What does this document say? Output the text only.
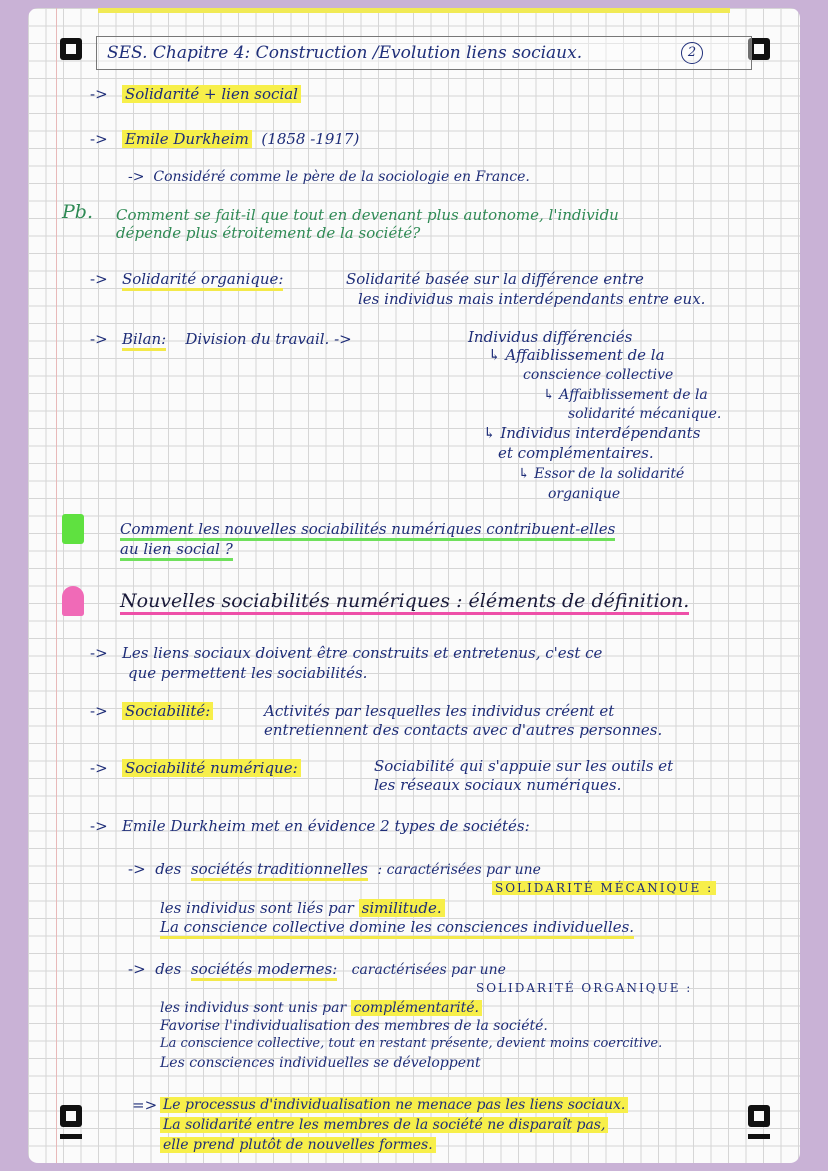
SES. Chapitre 4: Construction /Evolution liens sociaux.	2
-> Solidarité + lien social
-> Emile Durkheim (1858 -1917)
-> Considéré comme le père de la sociologie en France.
Pb. Comment se fait-il que tout en devenant plus autonome, l'individu
dépende plus étroitement de la société?
-> Solidarité organique:	Solidarité basée sur la différence entre
les individus mais interdépendants entre eux.
-> Bilan: Division du travail. ->	Individus différenciés
↳ Affaiblissement de la
conscience collective
↳ Affaiblissement de la
solidarité mécanique.
↳ Individus interdépendants
et complémentaires.
↳ Essor de la solidarité
organique
Comment les nouvelles sociabilités numériques contribuent-elles
au lien social ?
Nouvelles sociabilités numériques : éléments de définition.
-> Les liens sociaux doivent être construits et entretenus, c'est ce
que permettent les sociabilités.
-> Sociabilité:	Activités par lesquelles les individus créent et
entretiennent des contacts avec d'autres personnes.
-> Sociabilité numérique:	Sociabilité qui s'appuie sur les outils et
les réseaux sociaux numériques.
-> Emile Durkheim met en évidence 2 types de sociétés:
-> des sociétés traditionnelles : caractérisées par une
SOLIDARITÉ MÉCANIQUE :
les individus sont liés par similitude.
La conscience collective domine les consciences individuelles.
-> des sociétés modernes: caractérisées par une
SOLIDARITÉ ORGANIQUE :
les individus sont unis par complémentarité.
Favorise l'individualisation des membres de la société.
La conscience collective, tout en restant présente, devient moins coercitive.
Les consciences individuelles se développent
=> Le processus d'individualisation ne menace pas les liens sociaux.
La solidarité entre les membres de la société ne disparaît pas,
elle prend plutôt de nouvelles formes.
